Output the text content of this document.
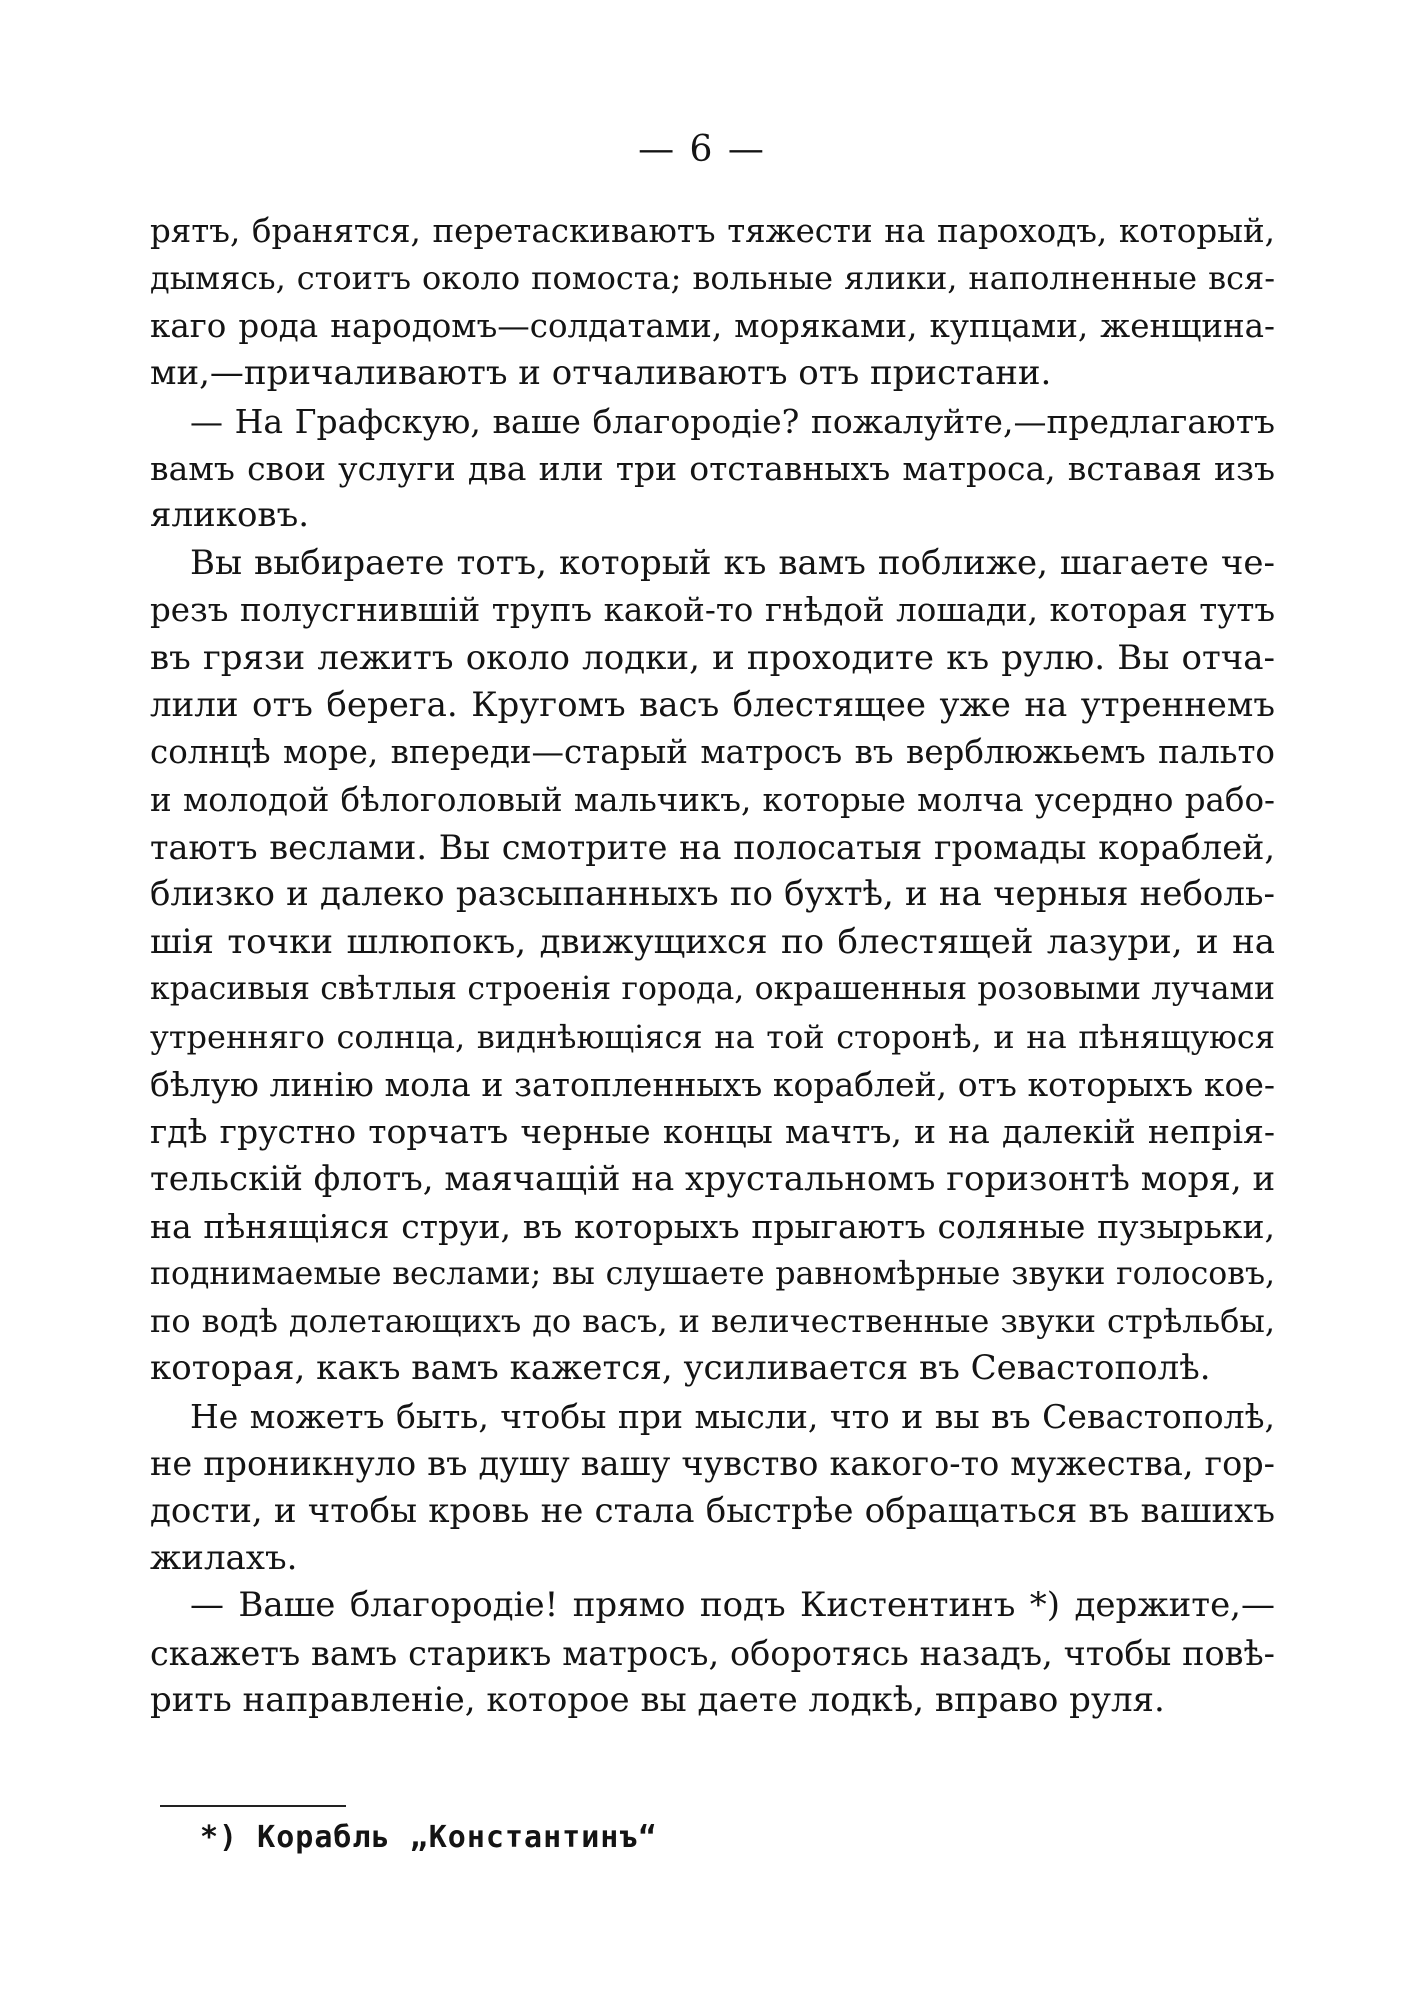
— 6 —
рятъ, бранятся, перетаскиваютъ тяжести на пароходъ, который,
дымясь, стоитъ около помоста; вольные ялики, наполненные вся-
каго рода народомъ—солдатами, моряками, купцами, женщина-
ми,—причаливаютъ и отчаливаютъ отъ пристани.
— На Графскую, ваше благородіе? пожалуйте,—предлагаютъ
вамъ свои услуги два или три отставныхъ матроса, вставая изъ
яликовъ.
Вы выбираете тотъ, который къ вамъ поближе, шагаете че-
резъ полусгнившій трупъ какой-то гнѣдой лошади, которая тутъ
въ грязи лежитъ около лодки, и проходите къ рулю. Вы отча-
лили отъ берега. Кругомъ васъ блестящее уже на утреннемъ
солнцѣ море, впереди—старый матросъ въ верблюжьемъ пальто
и молодой бѣлоголовый мальчикъ, которые молча усердно рабо-
таютъ веслами. Вы смотрите на полосатыя громады кораблей,
близко и далеко разсыпанныхъ по бухтѣ, и на черныя неболь-
шія точки шлюпокъ, движущихся по блестящей лазури, и на
красивыя свѣтлыя строенія города, окрашенныя розовыми лучами
утренняго солнца, виднѣющіяся на той сторонѣ, и на пѣнящуюся
бѣлую линію мола и затопленныхъ кораблей, отъ которыхъ кое-
гдѣ грустно торчатъ черные концы мачтъ, и на далекій непрія-
тельскій флотъ, маячащій на хрустальномъ горизонтѣ моря, и
на пѣнящіяся струи, въ которыхъ прыгаютъ соляные пузырьки,
поднимаемые веслами; вы слушаете равномѣрные звуки голосовъ,
по водѣ долетающихъ до васъ, и величественные звуки стрѣльбы,
которая, какъ вамъ кажется, усиливается въ Севастополѣ.
Не можетъ быть, чтобы при мысли, что и вы въ Севастополѣ,
не проникнуло въ душу вашу чувство какого-то мужества, гор-
дости, и чтобы кровь не стала быстрѣе обращаться въ вашихъ
жилахъ.
— Ваше благородіе! прямо подъ Кистентинъ *) держите,—
скажетъ вамъ старикъ матросъ, оборотясь назадъ, чтобы повѣ-
рить направленіе, которое вы даете лодкѣ, вправо руля.
*) Корабль „Константинъ“
